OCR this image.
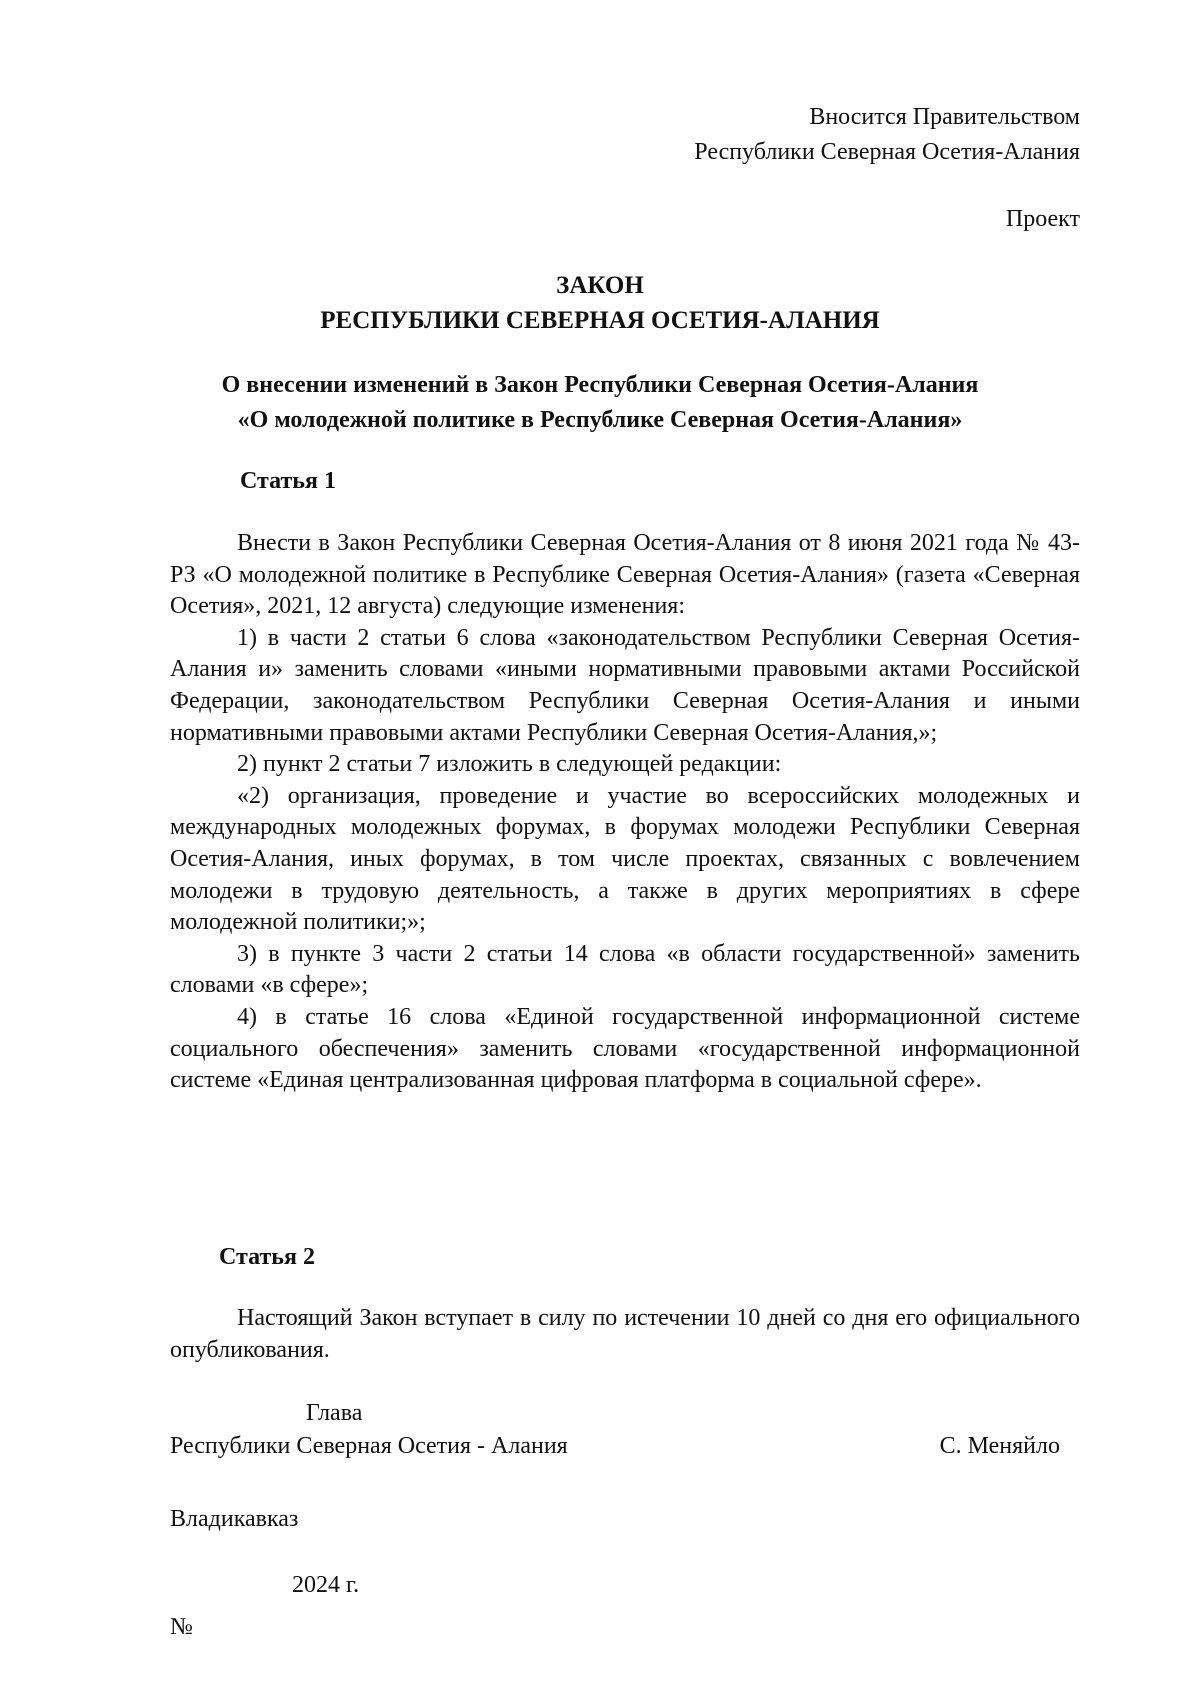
Вносится Правительством
Республики Северная Осетия-Алания
Проект
ЗАКОН
РЕСПУБЛИКИ СЕВЕРНАЯ ОСЕТИЯ-АЛАНИЯ
О внесении изменений в Закон Республики Северная Осетия-Алания
«О молодежной политике в Республике Северная Осетия-Алания»
Статья 1

Внести в Закон Республики Северная Осетия-Алания от 8 июня 2021 года № 43-РЗ «О молодежной политике в Республике Северная Осетия-Алания» (газета «Северная Осетия», 2021, 12 августа) следующие изменения:

1) в части 2 статьи 6 слова «законодательством Республики Северная Осетия-Алания и» заменить словами «иными нормативными правовыми актами Российской Федерации, законодательством Республики Северная Осетия-Алания и иными нормативными правовыми актами Республики Северная Осетия-Алания,»;

2) пункт 2 статьи 7 изложить в следующей редакции:

«2) организация, проведение и участие во всероссийских молодежных и международных молодежных форумах, в форумах молодежи Республики Северная Осетия-Алания, иных форумах, в том числе проектах, связанных с вовлечением молодежи в трудовую деятельность, а также в других мероприятиях в сфере молодежной политики;»;

3) в пункте 3 части 2 статьи 14 слова «в области государственной» заменить словами «в сфере»;

4) в статье 16 слова «Единой государственной информационной системе социального обеспечения» заменить словами «государственной информационной системе «Единая централизованная цифровая платформа в социальной сфере».

Статья 2

Настоящий Закон вступает в силу по истечении 10 дней со дня его официального опубликования.

Глава
Республики Северная Осетия - Алания	С. Меняйло
Владикавказ
2024 г.
№
